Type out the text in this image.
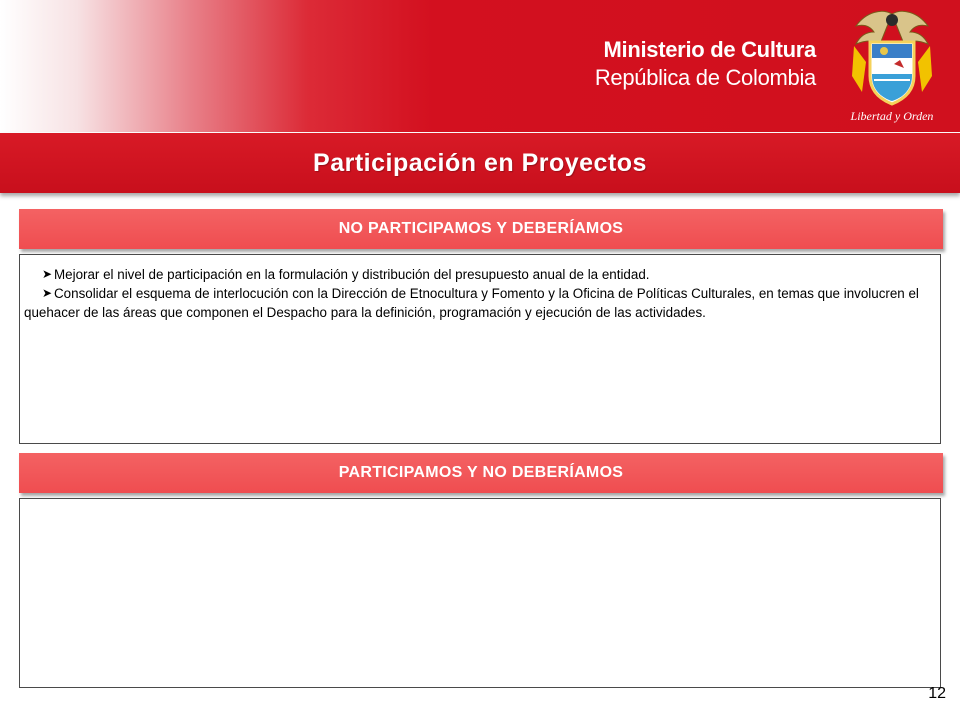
Ministerio de Cultura
República de Colombia
Libertad y Orden
Participación en Proyectos
NO PARTICIPAMOS Y DEBERÍAMOS
➤ Mejorar el nivel de participación en la formulación y distribución del presupuesto anual de la entidad.
➤ Consolidar el esquema de interlocución con la Dirección de Etnocultura y Fomento y la Oficina de Políticas Culturales, en temas que involucren el quehacer de las áreas que componen el Despacho para la definición, programación y ejecución de las actividades.
PARTICIPAMOS Y NO DEBERÍAMOS
12
